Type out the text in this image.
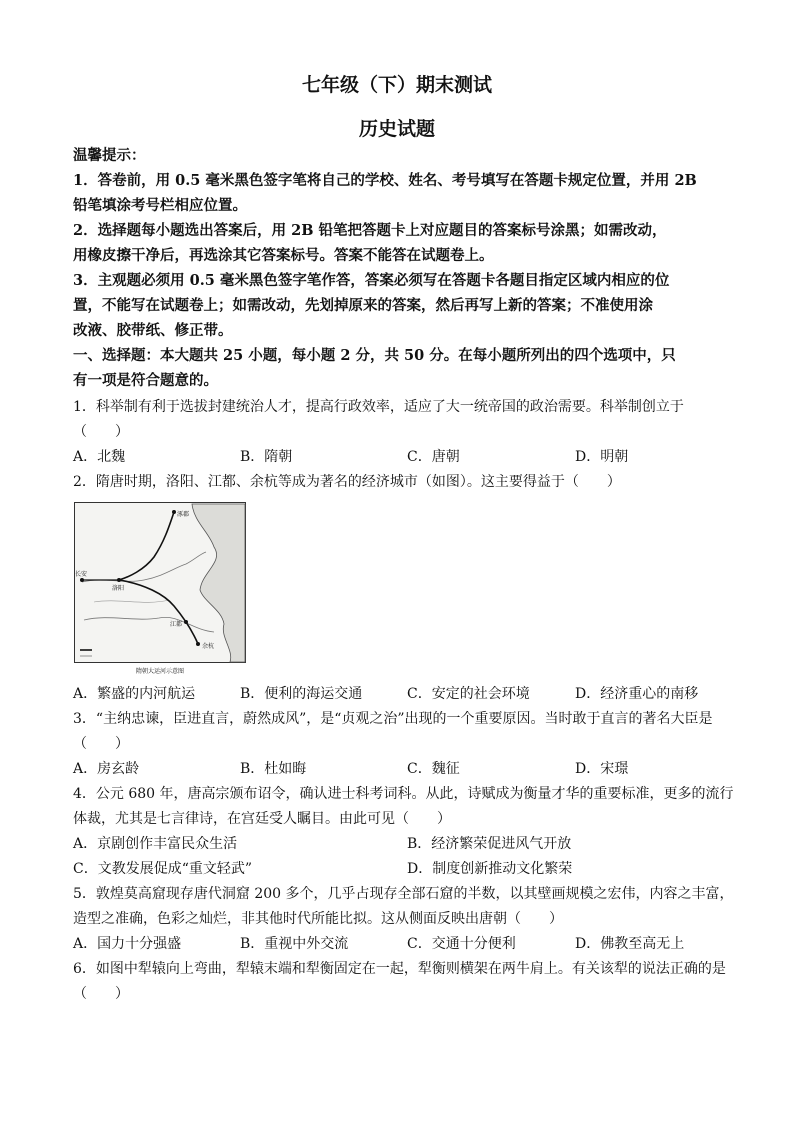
七年级（下）期末测试
历史试题
温馨提示：
1．答卷前，用 0.5 毫米黑色签字笔将自己的学校、姓名、考号填写在答题卡规定位置，并用 2B
铅笔填涂考号栏相应位置。
2．选择题每小题选出答案后，用 2B 铅笔把答题卡上对应题目的答案标号涂黑；如需改动，
用橡皮擦干净后，再选涂其它答案标号。答案不能答在试题卷上。
3．主观题必须用 0.5 毫米黑色签字笔作答，答案必须写在答题卡各题目指定区域内相应的位
置，不能写在试题卷上；如需改动，先划掉原来的答案，然后再写上新的答案；不准使用涂
改液、胶带纸、修正带。
一、选择题：本大题共 25 小题，每小题 2 分，共 50 分。在每小题所列出的四个选项中，只
有一项是符合题意的。
1．科举制有利于选拔封建统治人才，提高行政效率，适应了大一统帝国的政治需要。科举制创立于
（　　）
A．北魏	B．隋朝	C．唐朝	D．明朝
2．隋唐时期，洛阳、江都、余杭等成为著名的经济城市（如图）。这主要得益于（　　）
涿郡
长安
洛阳
江都
余杭
隋朝大运河示意图
A．繁盛的内河航运	B．便利的海运交通	C．安定的社会环境	D．经济重心的南移
3．“主纳忠谏，臣进直言，蔚然成风”，是“贞观之治”出现的一个重要原因。当时敢于直言的著名大臣是
（　　）
A．房玄龄	B．杜如晦	C．魏征	D．宋璟
4．公元 680 年，唐高宗颁布诏令，确认进士科考词科。从此，诗赋成为衡量才华的重要标准，更多的流行
体裁，尤其是七言律诗，在宫廷受人瞩目。由此可见（　　）
A．京剧创作丰富民众生活	B．经济繁荣促进风气开放
C．文教发展促成“重文轻武”	D．制度创新推动文化繁荣
5．敦煌莫高窟现存唐代洞窟 200 多个，几乎占现存全部石窟的半数，以其壁画规模之宏伟，内容之丰富，
造型之准确，色彩之灿烂，非其他时代所能比拟。这从侧面反映出唐朝（　　）
A．国力十分强盛	B．重视中外交流	C．交通十分便利	D．佛教至高无上
6．如图中犁辕向上弯曲，犁辕末端和犁衡固定在一起，犁衡则横架在两牛肩上。有关该犁的说法正确的是
（　　）
